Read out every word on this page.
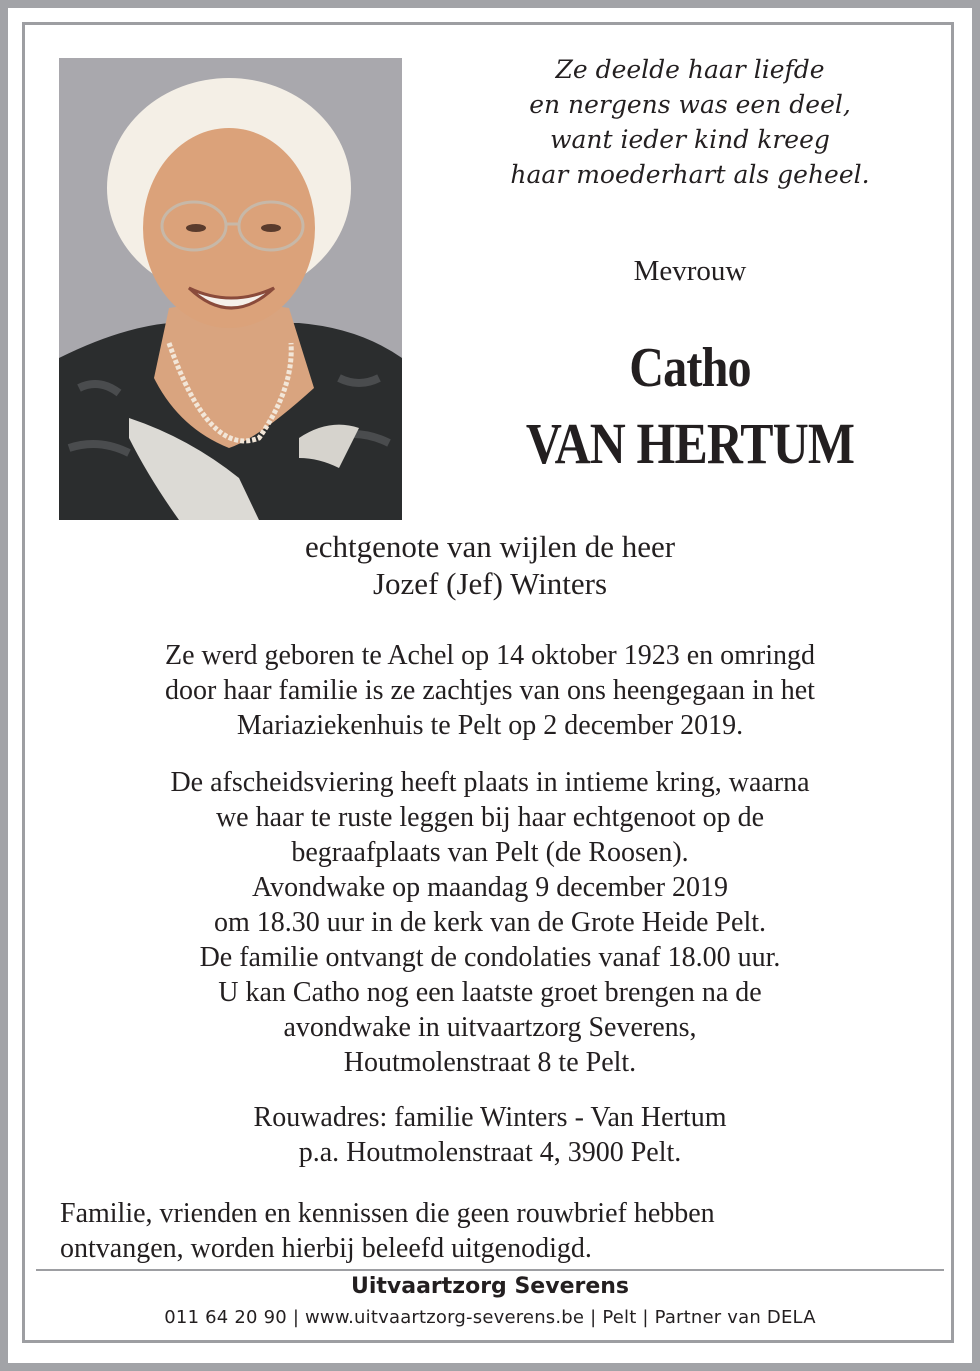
Ze deelde haar liefde
en nergens was een deel,
want ieder kind kreeg
haar moederhart als geheel.
Mevrouw
Catho
VAN HERTUM
echtgenote van wijlen de heer
Jozef (Jef) Winters
Ze werd geboren te Achel op 14 oktober 1923 en omringd
door haar familie is ze zachtjes van ons heengegaan in het
Mariaziekenhuis te Pelt op 2 december 2019.
De afscheidsviering heeft plaats in intieme kring, waarna
we haar te ruste leggen bij haar echtgenoot op de
begraafplaats van Pelt (de Roosen).
Avondwake op maandag 9 december 2019
om 18.30 uur in de kerk van de Grote Heide Pelt.
De familie ontvangt de condolaties vanaf 18.00 uur.
U kan Catho nog een laatste groet brengen na de
avondwake in uitvaartzorg Severens,
Houtmolenstraat 8 te Pelt.
Rouwadres: familie Winters - Van Hertum
p.a. Houtmolenstraat 4, 3900 Pelt.
Familie, vrienden en kennissen die geen rouwbrief hebben
ontvangen, worden hierbij beleefd uitgenodigd.
Uitvaartzorg Severens
011 64 20 90 | www.uitvaartzorg-severens.be | Pelt | Partner van DELA
